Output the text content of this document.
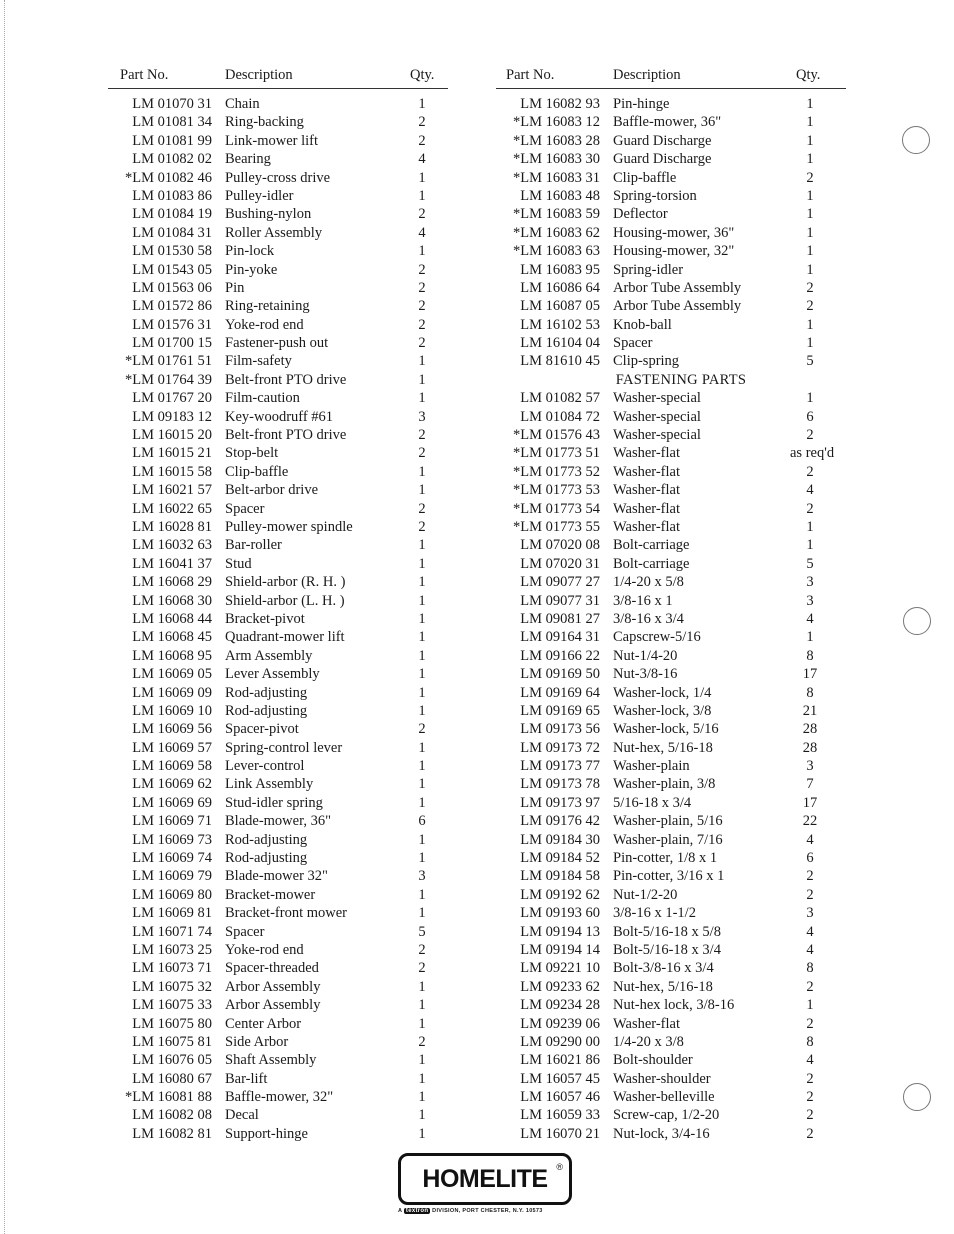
Part No.	Description	Qty.
LM 01070 31 Chain	1
LM 01081 34 Ring-backing	2
LM 01081 99 Link-mower lift	2
LM 01082 02 Bearing	4
*LM 01082 46 Pulley-cross drive	1
LM 01083 86 Pulley-idler	1
LM 01084 19 Bushing-nylon	2
LM 01084 31 Roller Assembly	4
LM 01530 58 Pin-lock	1
LM 01543 05 Pin-yoke	2
LM 01563 06 Pin	2
LM 01572 86 Ring-retaining	2
LM 01576 31 Yoke-rod end	2
LM 01700 15 Fastener-push out	2
*LM 01761 51 Film-safety	1
*LM 01764 39 Belt-front PTO drive	1
LM 01767 20 Film-caution	1
LM 09183 12 Key-woodruff #61	3
LM 16015 20 Belt-front PTO drive	2
LM 16015 21 Stop-belt	2
LM 16015 58 Clip-baffle	1
LM 16021 57 Belt-arbor drive	1
LM 16022 65 Spacer	2
LM 16028 81 Pulley-mower spindle	2
LM 16032 63 Bar-roller	1
LM 16041 37 Stud	1
LM 16068 29 Shield-arbor (R. H. )	1
LM 16068 30 Shield-arbor (L. H. )	1
LM 16068 44 Bracket-pivot	1
LM 16068 45 Quadrant-mower lift	1
LM 16068 95 Arm Assembly	1
LM 16069 05 Lever Assembly	1
LM 16069 09 Rod-adjusting	1
LM 16069 10 Rod-adjusting	1
LM 16069 56 Spacer-pivot	2
LM 16069 57 Spring-control lever	1
LM 16069 58 Lever-control	1
LM 16069 62 Link Assembly	1
LM 16069 69 Stud-idler spring	1
LM 16069 71 Blade-mower, 36"	6
LM 16069 73 Rod-adjusting	1
LM 16069 74 Rod-adjusting	1
LM 16069 79 Blade-mower 32"	3
LM 16069 80 Bracket-mower	1
LM 16069 81 Bracket-front mower	1
LM 16071 74 Spacer	5
LM 16073 25 Yoke-rod end	2
LM 16073 71 Spacer-threaded	2
LM 16075 32 Arbor Assembly	1
LM 16075 33 Arbor Assembly	1
LM 16075 80 Center Arbor	1
LM 16075 81 Side Arbor	2
LM 16076 05 Shaft Assembly	1
LM 16080 67 Bar-lift	1
*LM 16081 88 Baffle-mower, 32"	1
LM 16082 08 Decal	1
LM 16082 81 Support-hinge	1
Part No.	Description	Qty.
LM 16082 93 Pin-hinge	1
*LM 16083 12 Baffle-mower, 36"	1
*LM 16083 28 Guard Discharge	1
*LM 16083 30 Guard Discharge	1
*LM 16083 31 Clip-baffle	2
LM 16083 48 Spring-torsion	1
*LM 16083 59 Deflector	1
*LM 16083 62 Housing-mower, 36"	1
*LM 16083 63 Housing-mower, 32"	1
LM 16083 95 Spring-idler	1
LM 16086 64 Arbor Tube Assembly	2
LM 16087 05 Arbor Tube Assembly	2
LM 16102 53 Knob-ball	1
LM 16104 04 Spacer	1
LM 81610 45 Clip-spring	5
FASTENING PARTS
LM 01082 57 Washer-special	1
LM 01084 72 Washer-special	6
*LM 01576 43 Washer-special	2
*LM 01773 51 Washer-flat	as req'd
*LM 01773 52 Washer-flat	2
*LM 01773 53 Washer-flat	4
*LM 01773 54 Washer-flat	2
*LM 01773 55 Washer-flat	1
LM 07020 08 Bolt-carriage	1
LM 07020 31 Bolt-carriage	5
LM 09077 27 1/4-20 x 5/8	3
LM 09077 31 3/8-16 x 1	3
LM 09081 27 3/8-16 x 3/4	4
LM 09164 31 Capscrew-5/16	1
LM 09166 22 Nut-1/4-20	8
LM 09169 50 Nut-3/8-16	17
LM 09169 64 Washer-lock, 1/4	8
LM 09169 65 Washer-lock, 3/8	21
LM 09173 56 Washer-lock, 5/16	28
LM 09173 72 Nut-hex, 5/16-18	28
LM 09173 77 Washer-plain	3
LM 09173 78 Washer-plain, 3/8	7
LM 09173 97 5/16-18 x 3/4	17
LM 09176 42 Washer-plain, 5/16	22
LM 09184 30 Washer-plain, 7/16	4
LM 09184 52 Pin-cotter, 1/8 x 1	6
LM 09184 58 Pin-cotter, 3/16 x 1	2
LM 09192 62 Nut-1/2-20	2
LM 09193 60 3/8-16 x 1-1/2	3
LM 09194 13 Bolt-5/16-18 x 5/8	4
LM 09194 14 Bolt-5/16-18 x 3/4	4
LM 09221 10 Bolt-3/8-16 x 3/4	8
LM 09233 62 Nut-hex, 5/16-18	2
LM 09234 28 Nut-hex lock, 3/8-16	1
LM 09239 06 Washer-flat	2
LM 09290 00 1/4-20 x 3/8	8
LM 16021 86 Bolt-shoulder	4
LM 16057 45 Washer-shoulder	2
LM 16057 46 Washer-belleville	2
LM 16059 33 Screw-cap, 1/2-20	2
LM 16070 21 Nut-lock, 3/4-16	2
HOMELITE ®
A textron DIVISION, PORT CHESTER, N.Y. 10573
